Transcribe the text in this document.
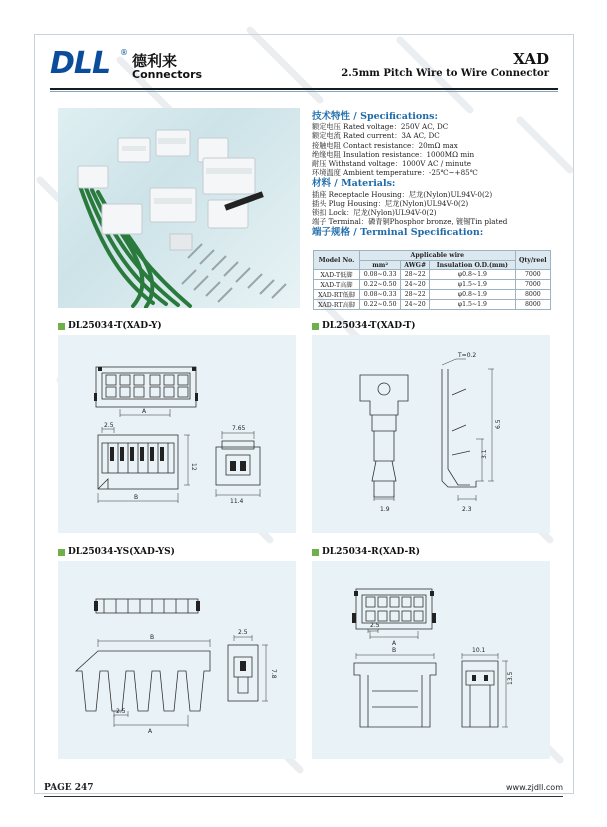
DLL ® 德利来
Connectors
XAD
2.5mm Pitch Wire to Wire Connector
技术特性 / Specifications:
额定电压 Rated voltage：250V AC, DC
额定电流 Rated current：3A AC, DC
接触电阻 Contact resistance：20mΩ max
绝缘电阻 Insulation resistance：1000MΩ min
耐压 Withstand voltage：1000V AC / minute
环境温度 Ambient temperature：-25℃~+85℃
材料 / Materials:
插座 Receptacle Housing：尼龙(Nylon)UL94V-0(2)
插头 Plug Housing：尼龙(Nylon)UL94V-0(2)
锁扣 Lock：尼龙(Nylon)UL94V-0(2)
端子 Terminal：磷青铜Phosphor bronze, 镀锡Tin plated
端子规格 / Terminal Specification:
Model No.	Applicable wire			Qty/reel
	mm²	AWG#	Insulation O.D.(mm)	
XAD-T低脚	0.08~0.33	28~22	φ0.8~1.9	7000
XAD-T高脚	0.22~0.50	24~20	φ1.5~1.9	7000
XAD-RT低脚	0.08~0.33	28~22	φ0.8~1.9	8000
XAD-RT高脚	0.22~0.50	24~20	φ1.5~1.9	8000
DL25034-T(XAD-Y)	DL25034-T(XAD-T)
DL25034-YS(XAD-YS)	DL25034-R(XAD-R)
A
B
2.5	7.65
12
11.4
T=0.2
1.9	2.3
3.1
6.5
B
A
2.5
2.5
7.8
A
2.5
B	10.1
13.5
PAGE 247	www.zjdll.com
